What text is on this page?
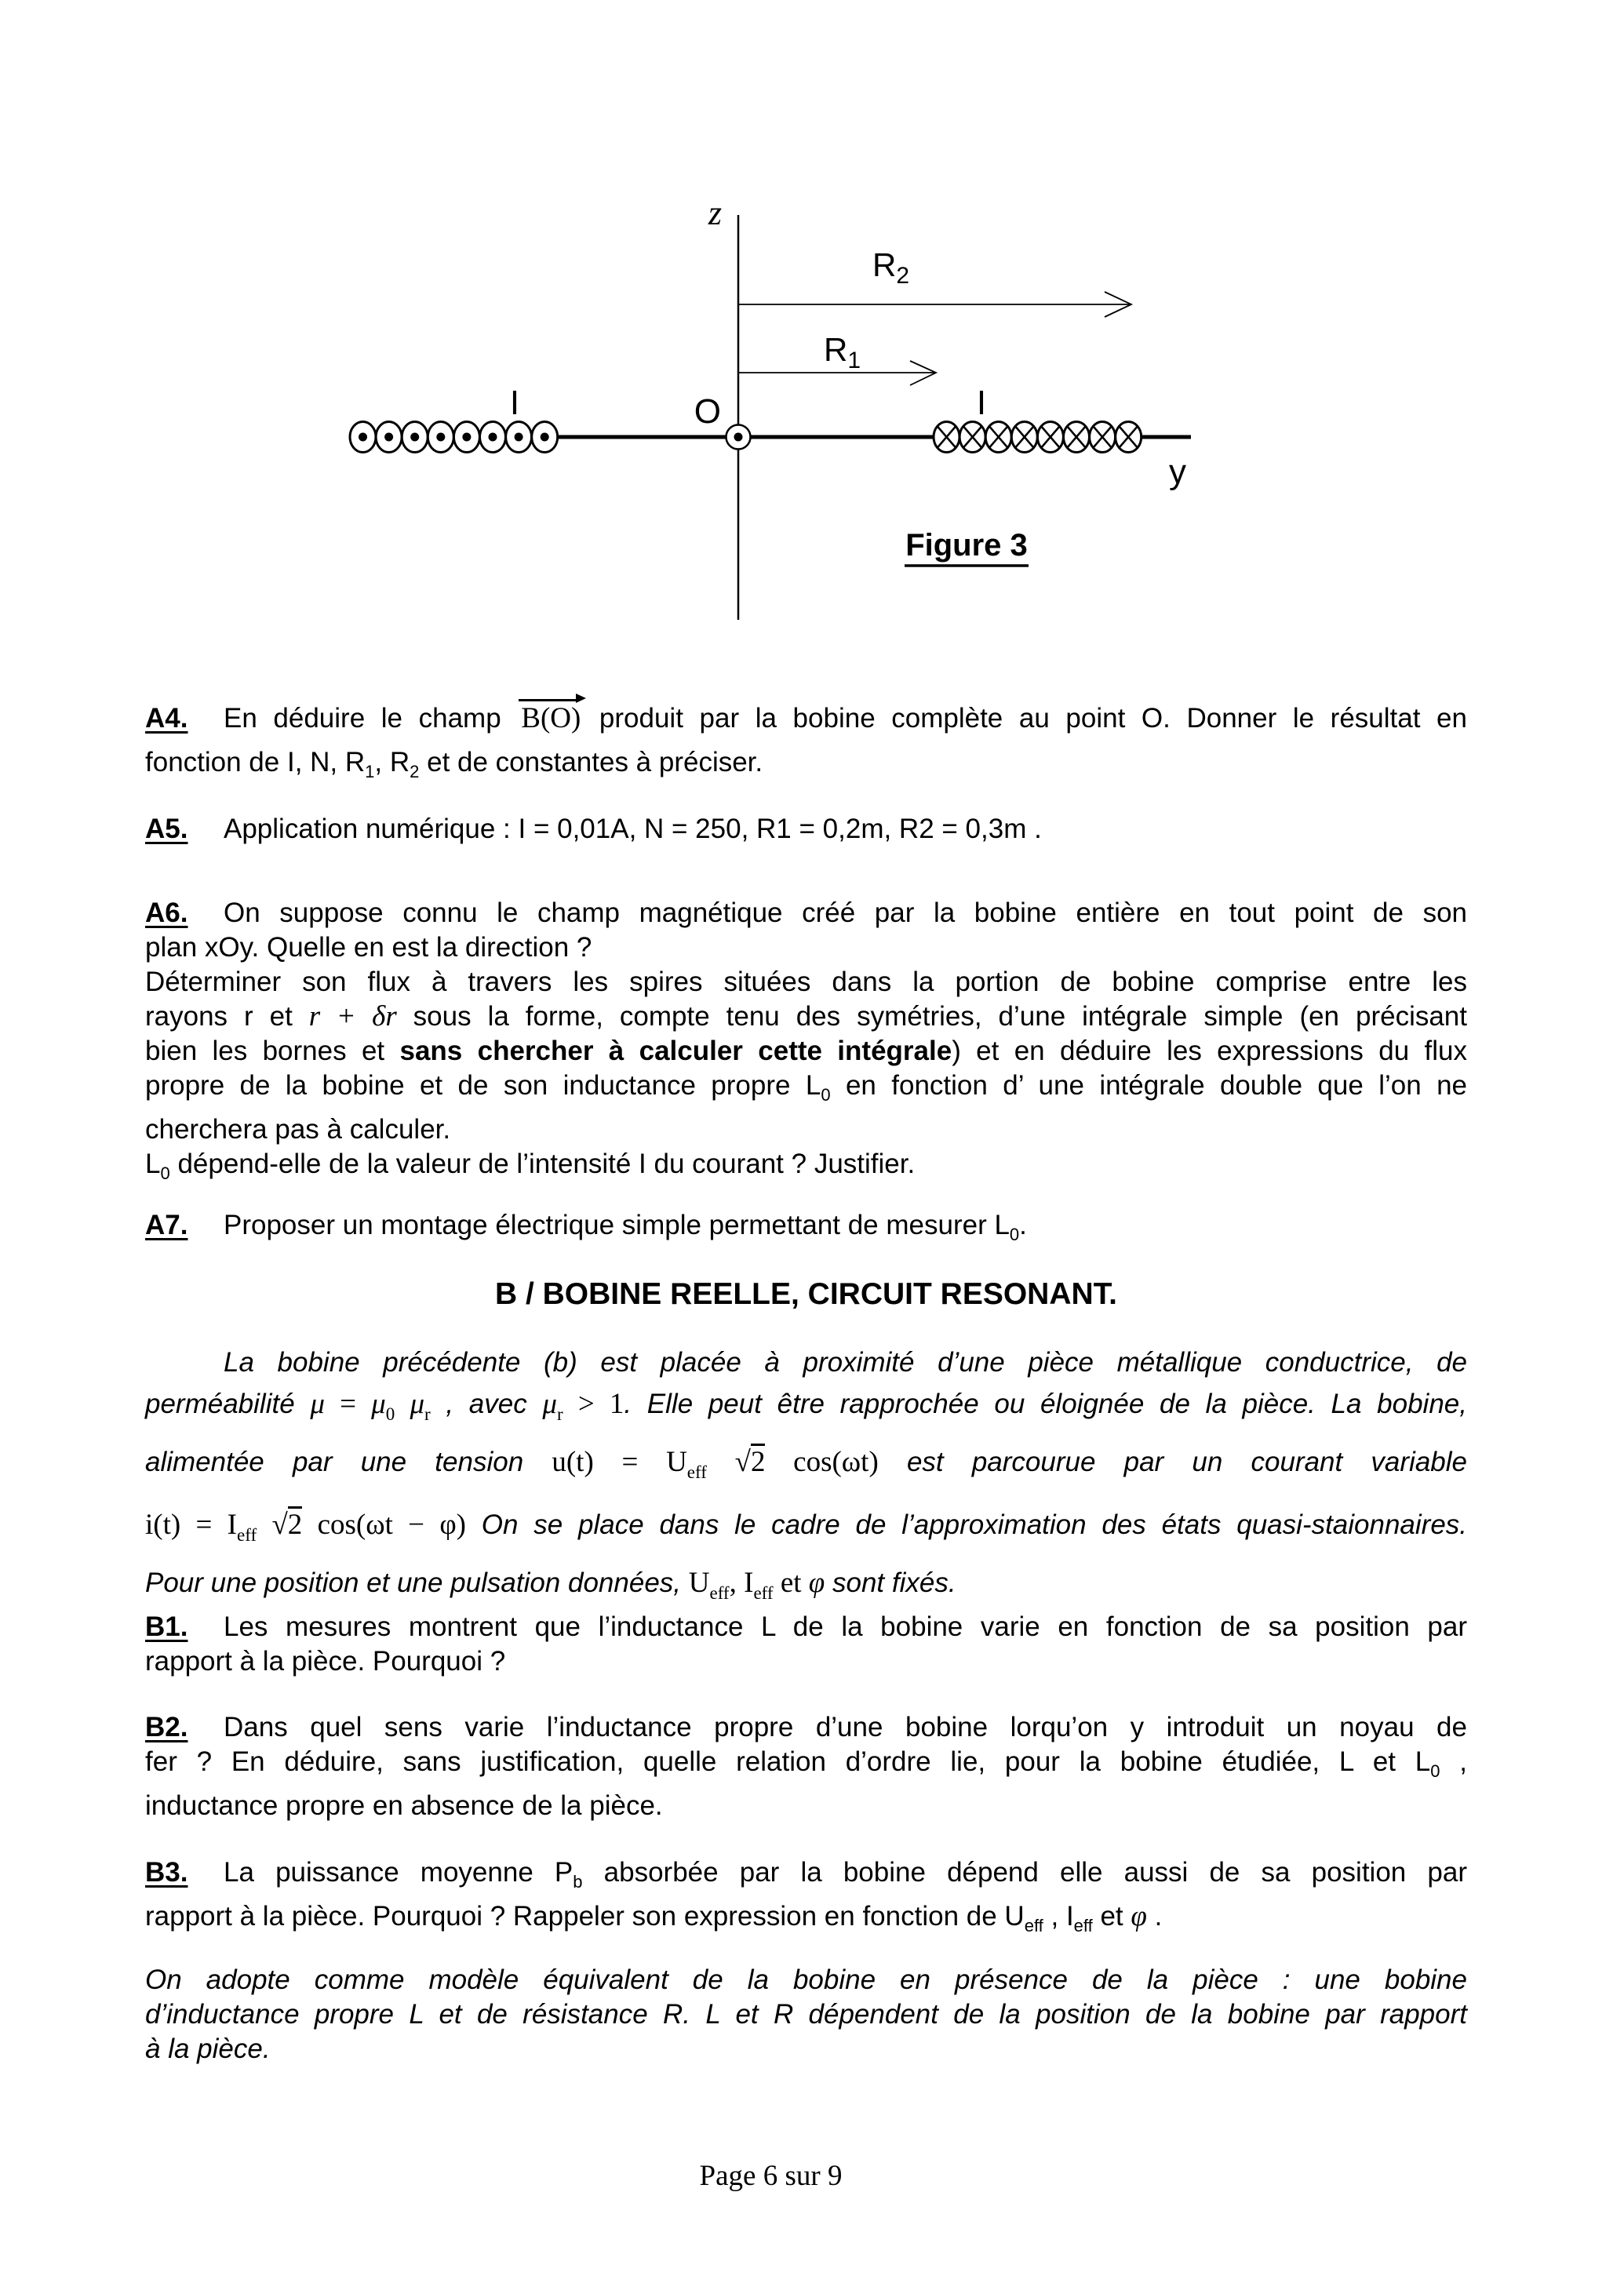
z
$R_2$
$R_1$
y
I	I
O
Figure 3
A4. En déduire le champ B(O) produit par la bobine complète au point O. Donner le résultat en
fonction de I, N, $R_1$, $R_2$ et de constantes à préciser.
A5. Application numérique : I = 0,01A, N = 250, R1 = 0,2m, R2 = 0,3m .
A6. On suppose connu le champ magnétique créé par la bobine entière en tout point de son
plan xOy. Quelle en est la direction ?
Déterminer son flux à travers les spires situées dans la portion de bobine comprise entre les
rayons r et r + δr sous la forme, compte tenu des symétries, d’une intégrale simple (en précisant
bien les bornes et sans chercher à calculer cette intégrale) et en déduire les expressions du flux
propre de la bobine et de son inductance propre $L_0$ en fonction d’ une intégrale double que l’on ne
cherchera pas à calculer.
$L_0$ dépend-elle de la valeur de l’intensité I du courant ? Justifier.
A7. Proposer un montage électrique simple permettant de mesurer $L_0$.
B / BOBINE REELLE, CIRCUIT RESONANT.
La bobine précédente (b) est placée à proximité d’une pièce métallique conductrice, de
perméabilité $\mu = \mu_0$ $\mu_r$ , avec $\mu_r > 1$. Elle peut être rapprochée ou éloignée de la pièce. La bobine,
alimentée par une tension $u(t) = U_{eff}$ √2 cos(ωt) est parcourue par un courant variable
$i(t) = I_{eff}$ √2 cos(ωt − φ) On se place dans le cadre de l’approximation des états quasi-staionnaires.
Pour une position et une pulsation données, $U_{eff}$, $I_{eff}$ et φ sont fixés.
B1. Les mesures montrent que l’inductance L de la bobine varie en fonction de sa position par
rapport à la pièce. Pourquoi ?
B2. Dans quel sens varie l’inductance propre d’une bobine lorqu’on y introduit un noyau de
fer ? En déduire, sans justification, quelle relation d’ordre lie, pour la bobine étudiée, L et $L_0$ ,
inductance propre en absence de la pièce.
B3. La puissance moyenne $P_b$ absorbée par la bobine dépend elle aussi de sa position par
rapport à la pièce. Pourquoi ? Rappeler son expression en fonction de $U_{eff}$ , $I_{eff}$ et φ .
On adopte comme modèle équivalent de la bobine en présence de la pièce : une bobine
d’inductance propre L et de résistance R. L et R dépendent de la position de la bobine par rapport
à la pièce.
Page 6 sur 9
